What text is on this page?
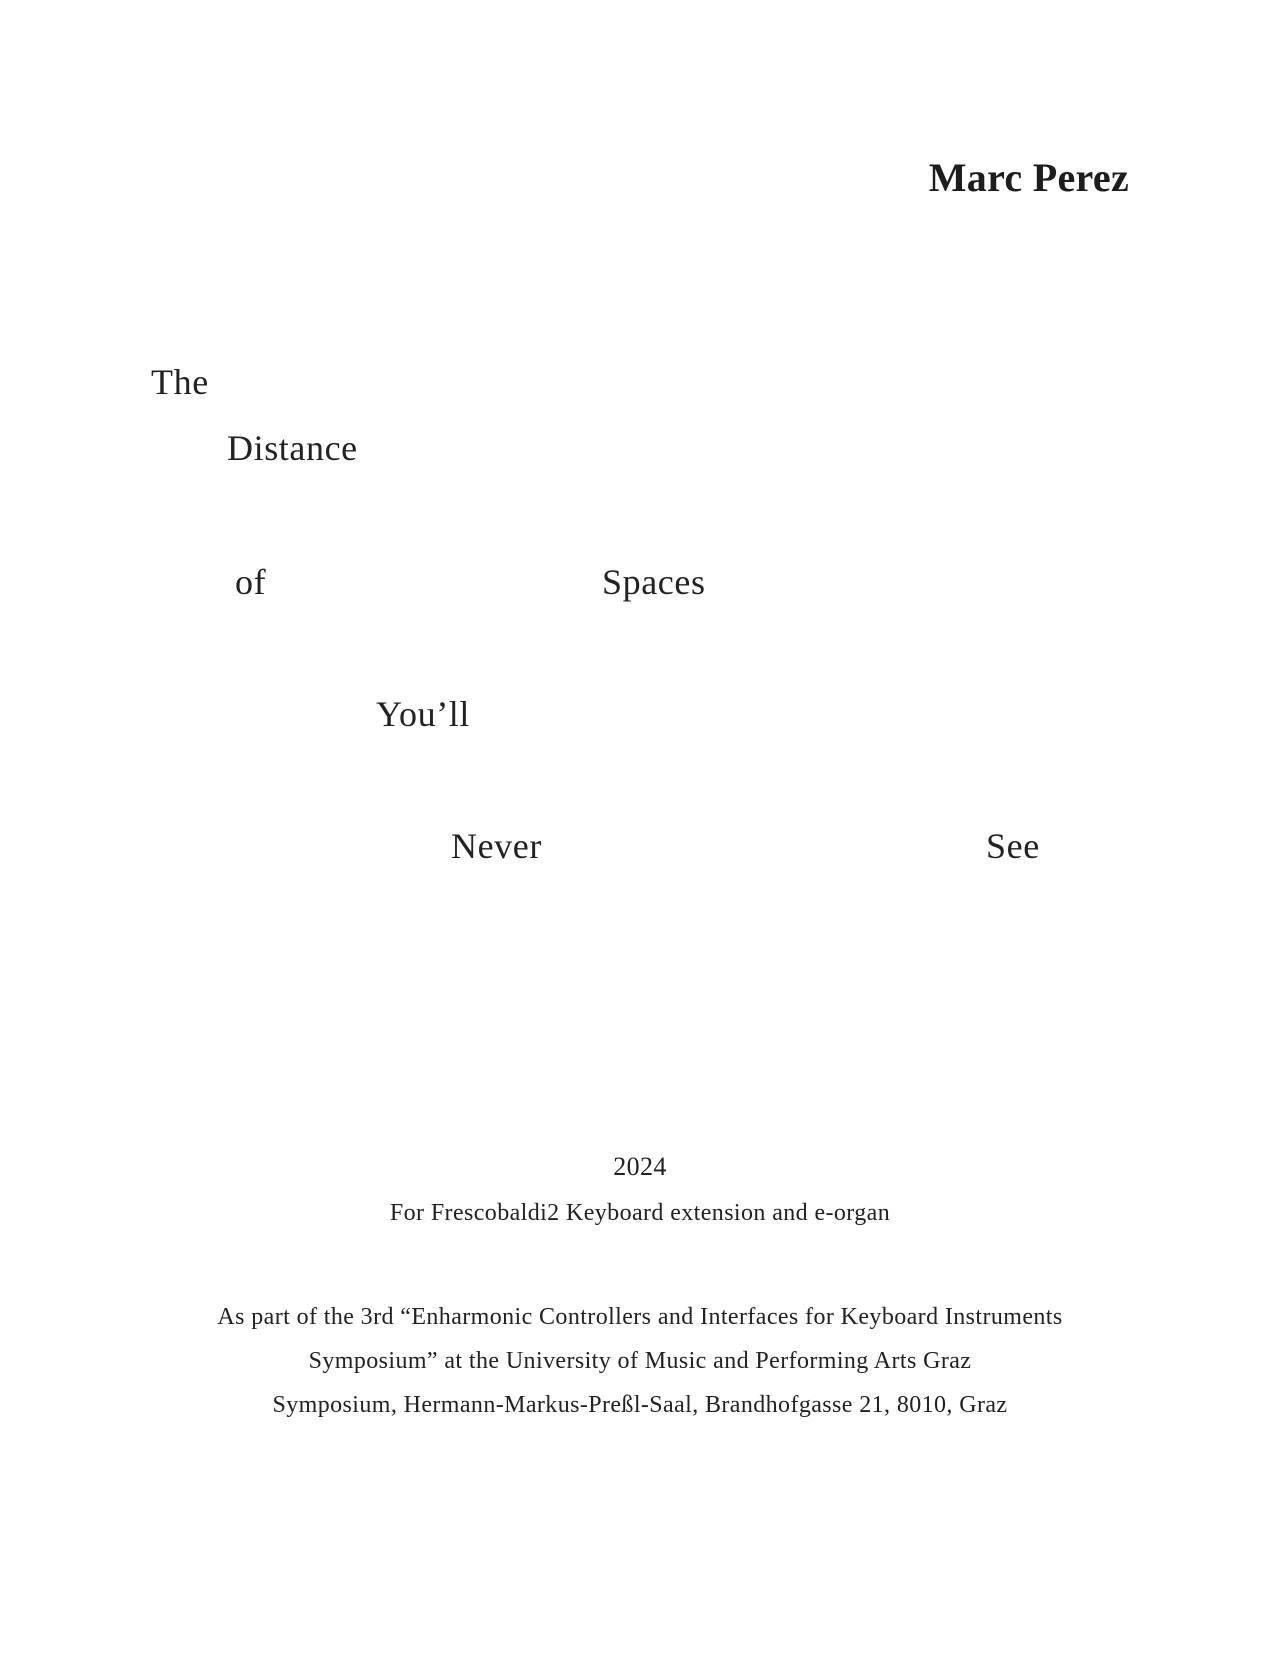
Marc Perez
The
Distance
of	Spaces
You’ll
Never	See
2024
For Frescobaldi2 Keyboard extension and e-organ
As part of the 3rd “Enharmonic Controllers and Interfaces for Keyboard Instruments
Symposium” at the University of Music and Performing Arts Graz
Symposium, Hermann-Markus-Preßl-Saal, Brandhofgasse 21, 8010, Graz
